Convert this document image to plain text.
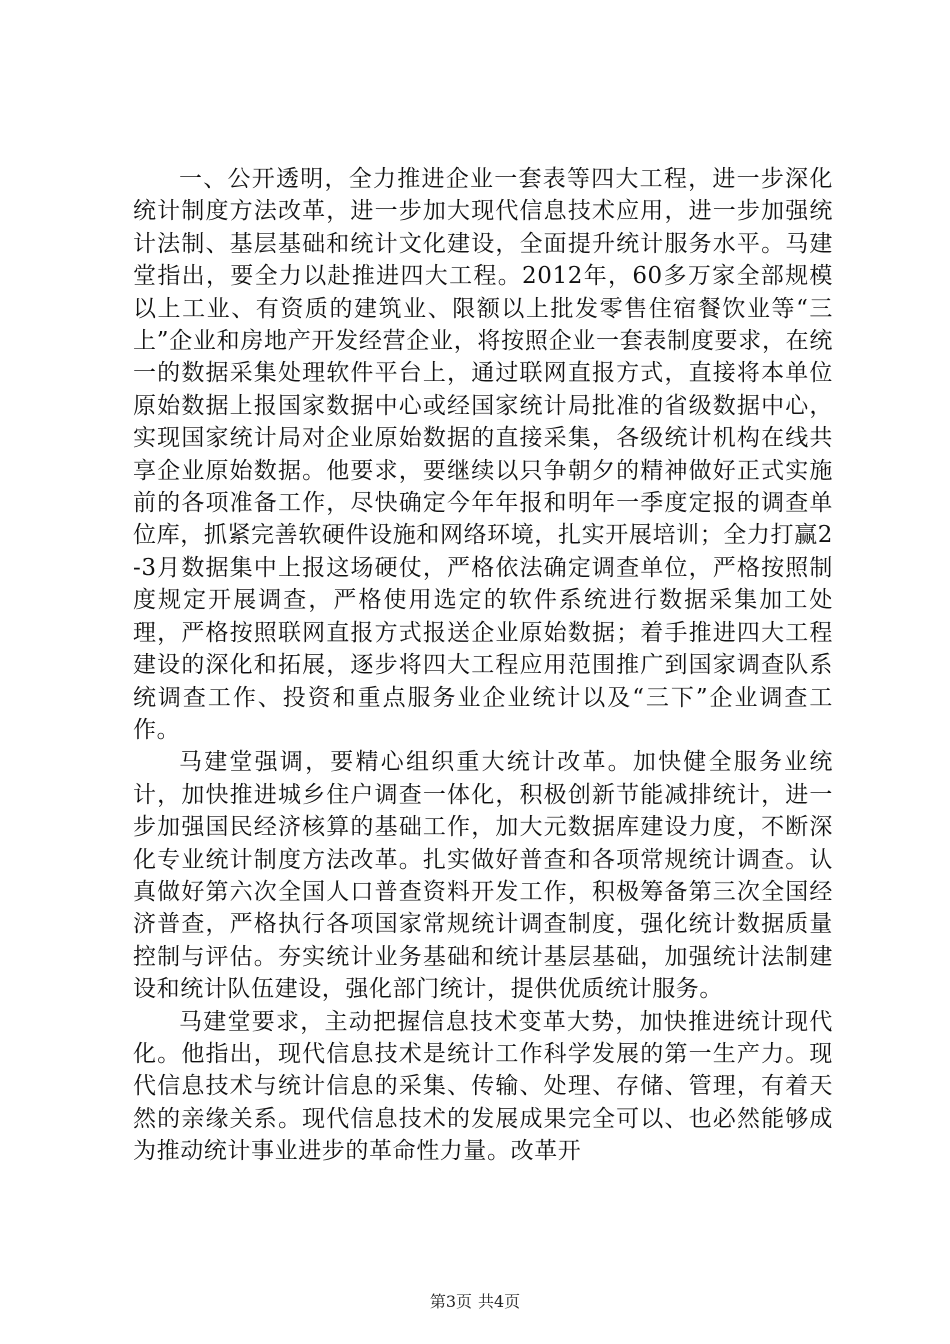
一、公开透明，全力推进企业一套表等四大工程，进一步深化统计制度方法改革，进一步加大现代信息技术应用，进一步加强统计法制、基层基础和统计文化建设，全面提升统计服务水平。马建堂指出，要全力以赴推进四大工程。2012年，60多万家全部规模以上工业、有资质的建筑业、限额以上批发零售住宿餐饮业等“三上”企业和房地产开发经营企业，将按照企业一套表制度要求，在统一的数据采集处理软件平台上，通过联网直报方式，直接将本单位原始数据上报国家数据中心或经国家统计局批准的省级数据中心，实现国家统计局对企业原始数据的直接采集，各级统计机构在线共享企业原始数据。他要求，要继续以只争朝夕的精神做好正式实施前的各项准备工作，尽快确定今年年报和明年一季度定报的调查单位库，抓紧完善软硬件设施和网络环境，扎实开展培训；全力打赢2-3月数据集中上报这场硬仗，严格依法确定调查单位，严格按照制度规定开展调查，严格使用选定的软件系统进行数据采集加工处理，严格按照联网直报方式报送企业原始数据；着手推进四大工程建设的深化和拓展，逐步将四大工程应用范围推广到国家调查队系统调查工作、投资和重点服务业企业统计以及“三下”企业调查工作。

马建堂强调，要精心组织重大统计改革。加快健全服务业统计，加快推进城乡住户调查一体化，积极创新节能减排统计，进一步加强国民经济核算的基础工作，加大元数据库建设力度，不断深化专业统计制度方法改革。扎实做好普查和各项常规统计调查。认真做好第六次全国人口普查资料开发工作，积极筹备第三次全国经济普查，严格执行各项国家常规统计调查制度，强化统计数据质量控制与评估。夯实统计业务基础和统计基层基础，加强统计法制建设和统计队伍建设，强化部门统计，提供优质统计服务。

马建堂要求，主动把握信息技术变革大势，加快推进统计现代化。他指出，现代信息技术是统计工作科学发展的第一生产力。现代信息技术与统计信息的采集、传输、处理、存储、管理，有着天然的亲缘关系。现代信息技术的发展成果完全可以、也必然能够成为推动统计事业进步的革命性力量。改革开

第3页 共4页
